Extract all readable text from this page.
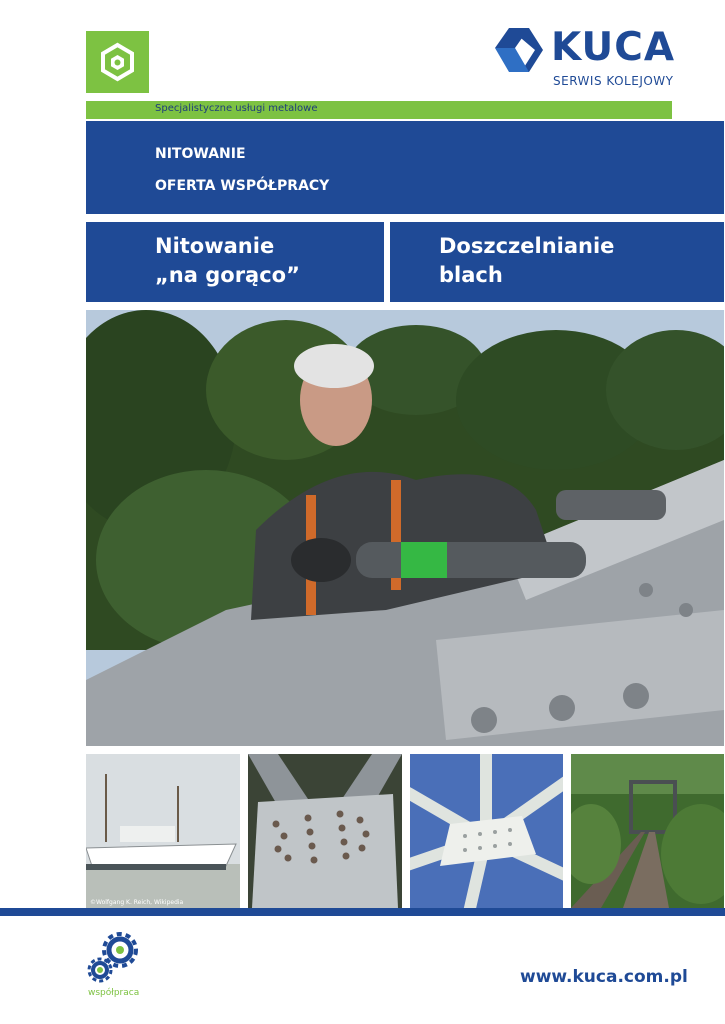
KUCA
SERWIS KOLEJOWY
Specjalistyczne usługi metalowe
NITOWANIE
OFERTA WSPÓŁPRACY
Nitowanie
„na gorąco”
Doszczelnianie
blach
©Wolfgang K. Reich, Wikipedia
współpraca
www.kuca.com.pl
